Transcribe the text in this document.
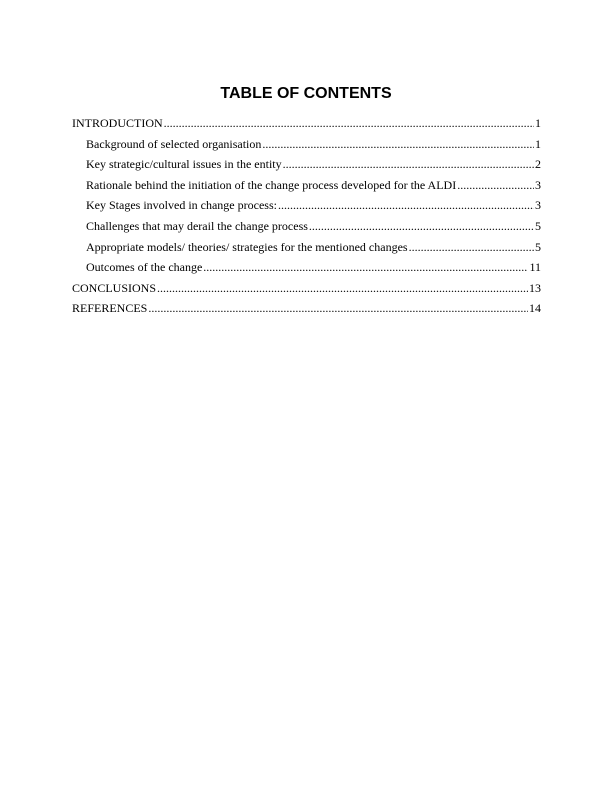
TABLE OF CONTENTS
INTRODUCTION .....	1
Background of selected organisation .....	1
Key strategic/cultural issues in the entity .....	2
Rationale behind the initiation of the change process developed for the ALDI .....	3
Key Stages involved in change process: .....	3
Challenges that may derail the change process .....	5
Appropriate models/ theories/ strategies for the mentioned changes .....	5
Outcomes of the change .....	11
CONCLUSIONS .....	13
REFERENCES .....	14
